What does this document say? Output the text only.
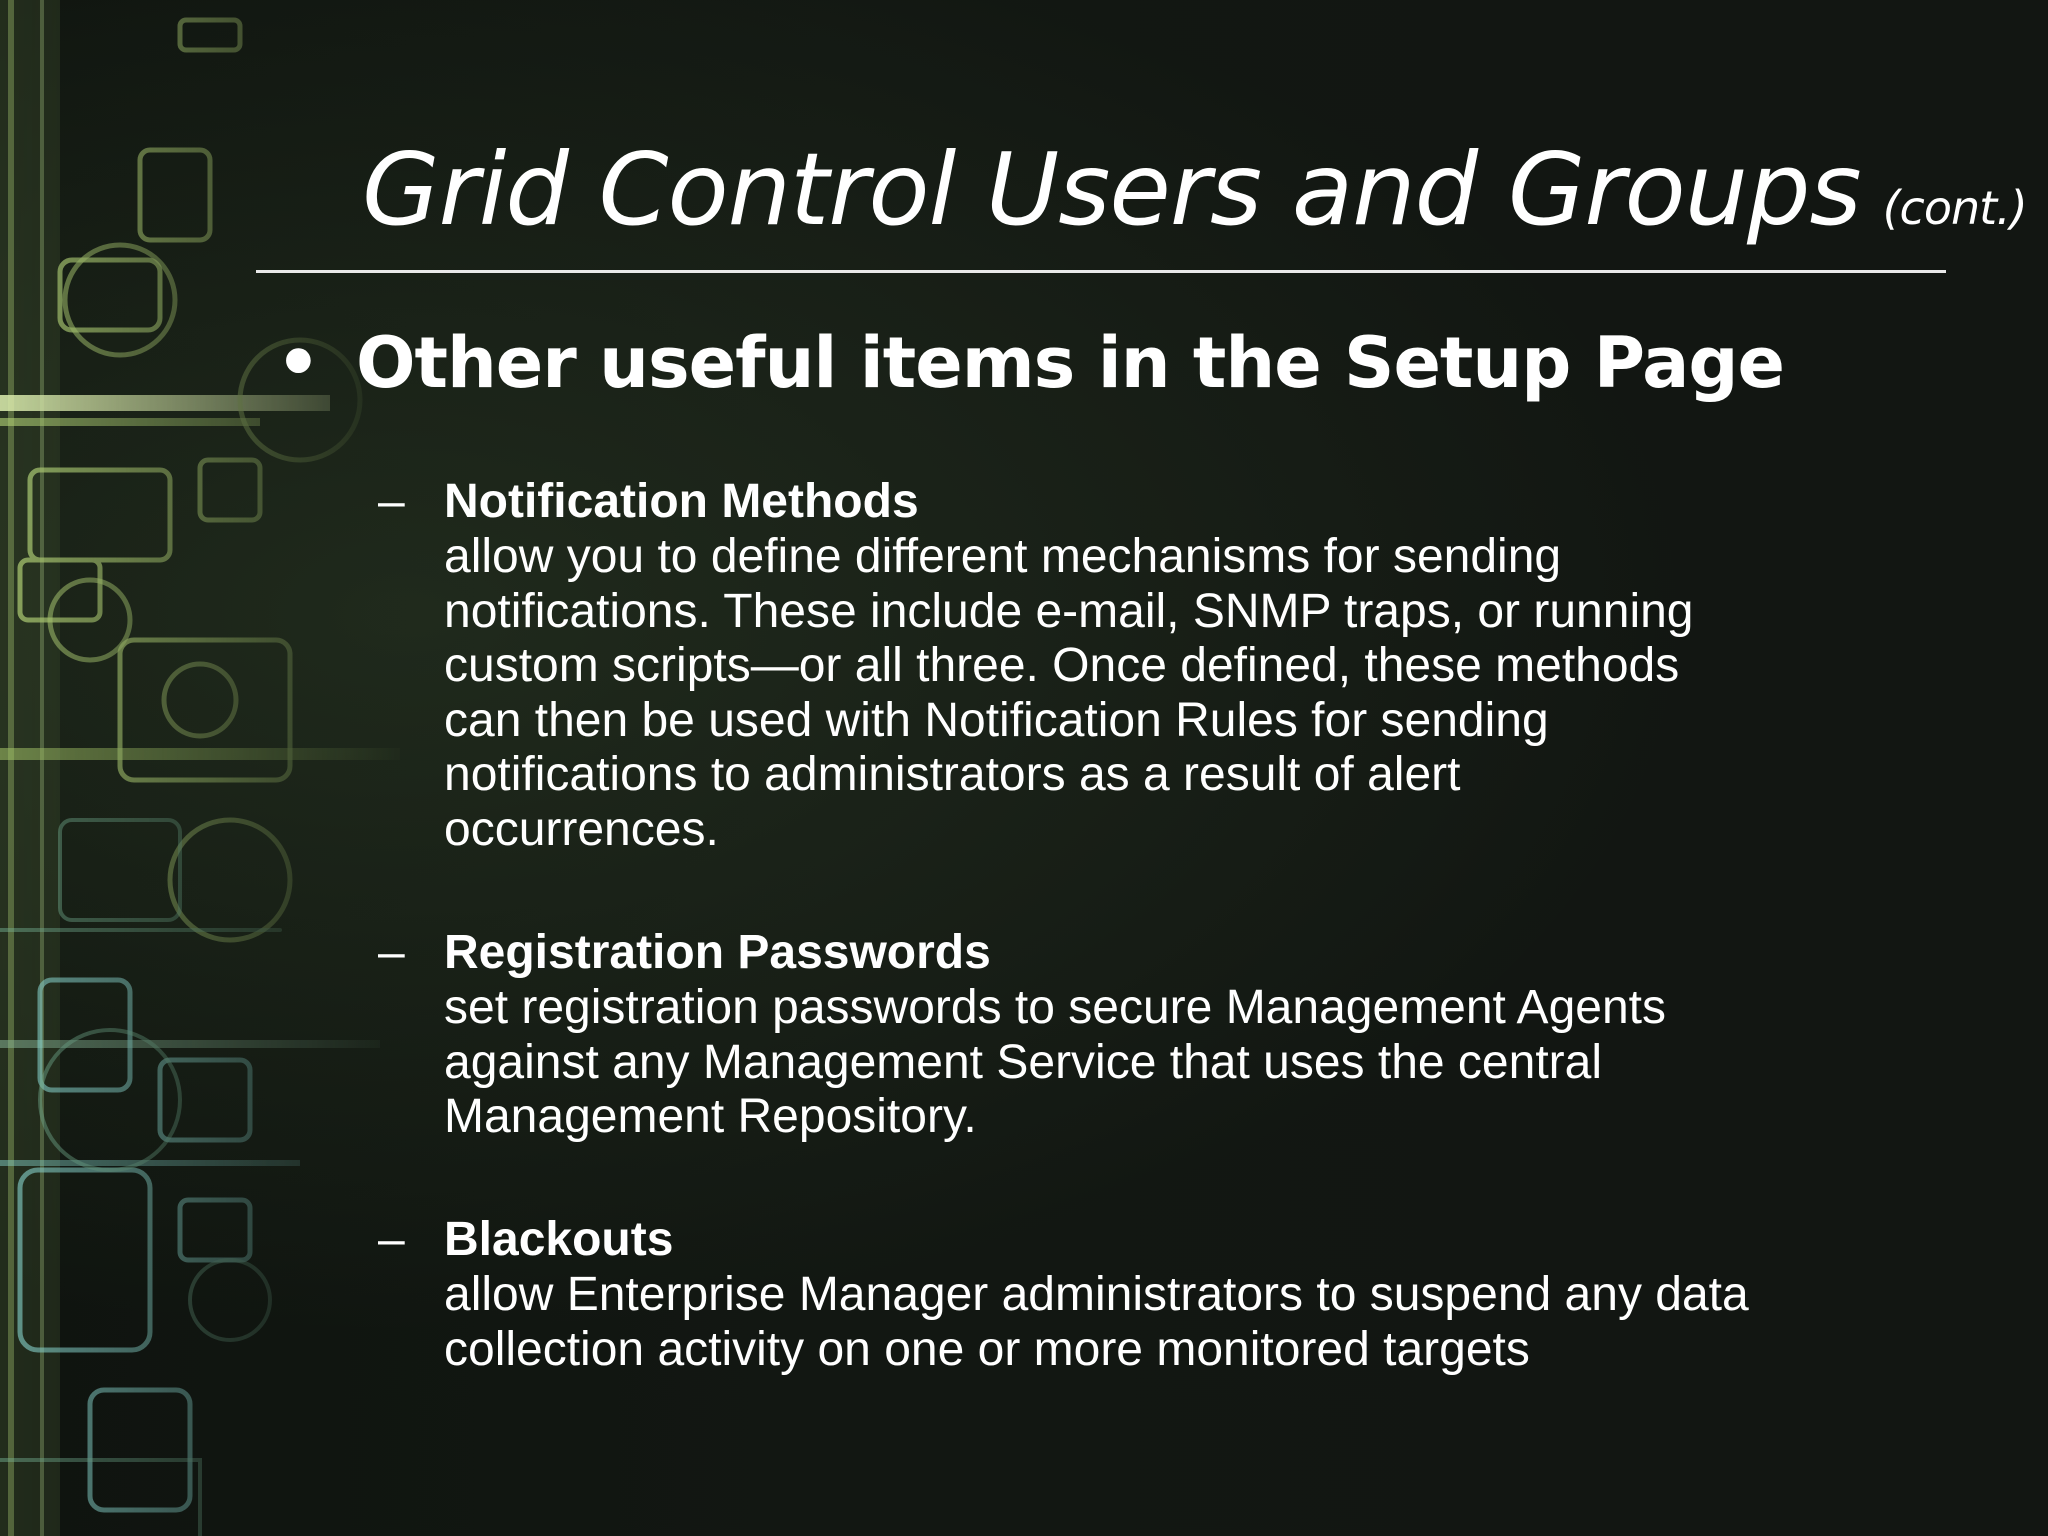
Grid Control Users and Groups (cont.)
• Other useful items in the Setup Page
– Notification Methods

allow you to define different mechanisms for sending
notifications. These include e-mail, SNMP traps, or running
custom scripts—or all three. Once defined, these methods
can then be used with Notification Rules for sending
notifications to administrators as a result of alert
occurrences.

– Registration Passwords

set registration passwords to secure Management Agents
against any Management Service that uses the central
Management Repository.

– Blackouts

allow Enterprise Manager administrators to suspend any data
collection activity on one or more monitored targets
